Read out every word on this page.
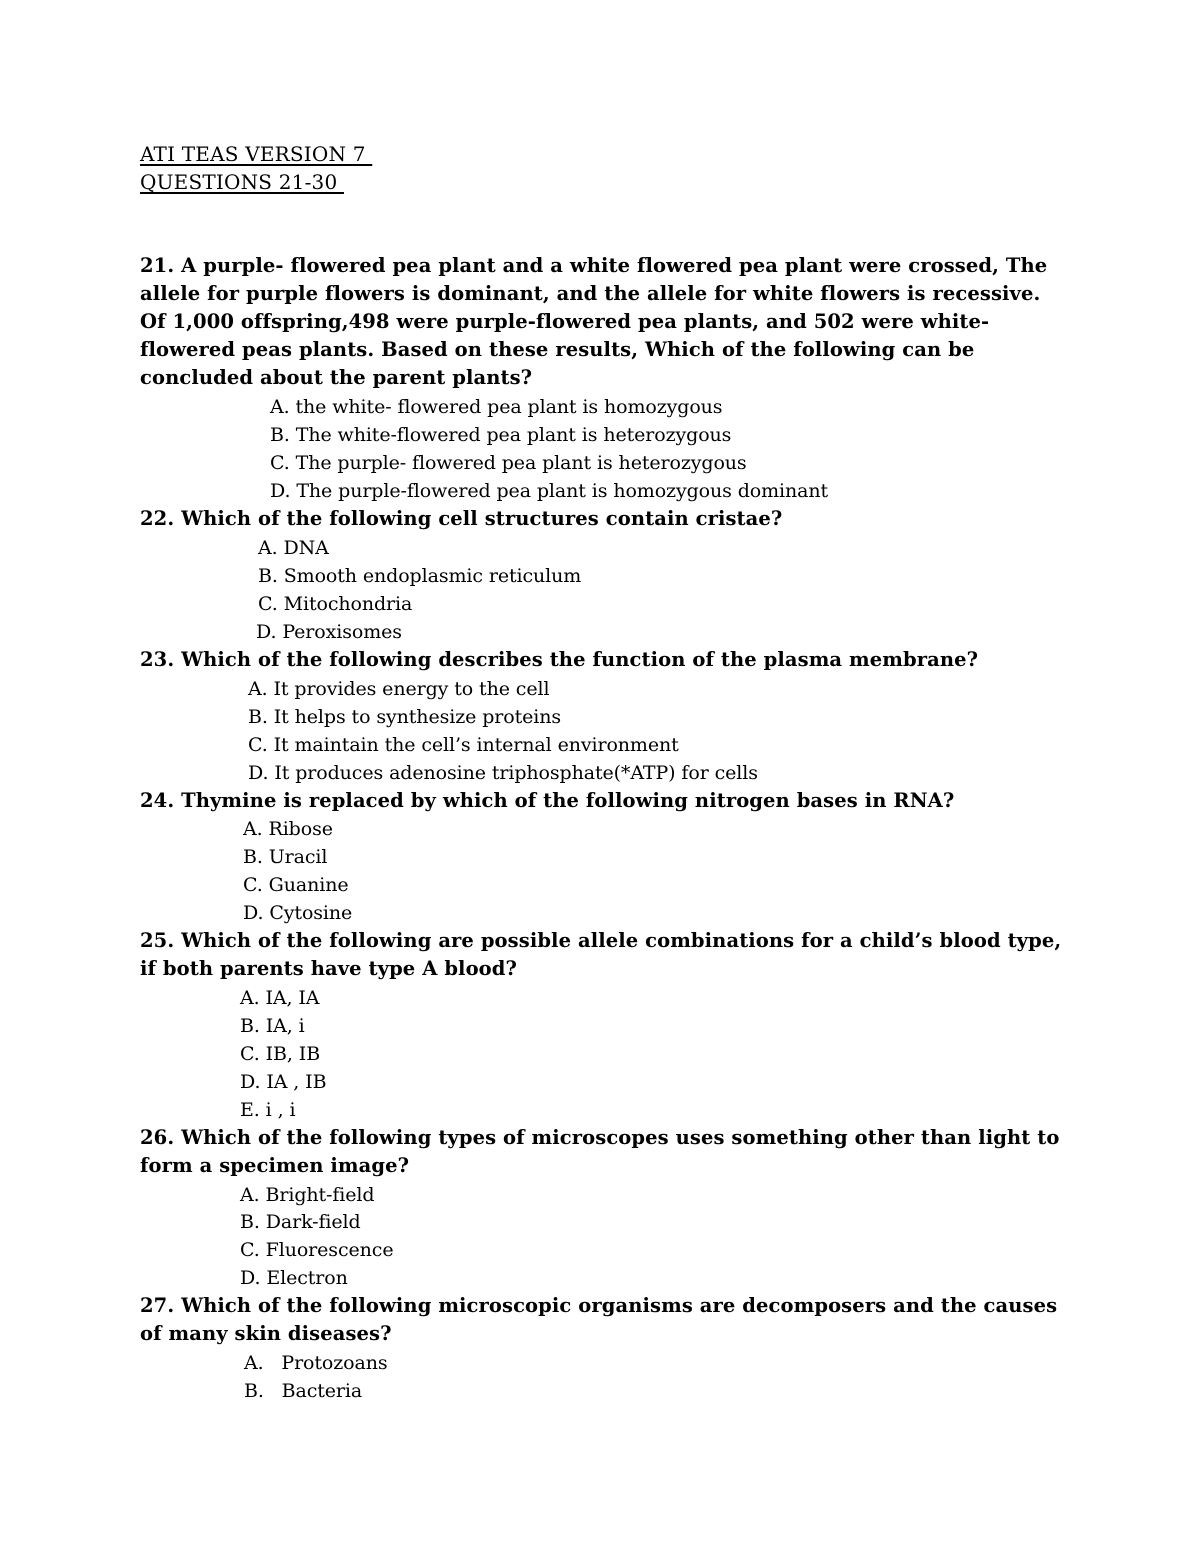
ATI TEAS VERSION 7
QUESTIONS 21-30
21. A purple- flowered pea plant and a white flowered pea plant were crossed, The allele for purple flowers is dominant, and the allele for white flowers is recessive. Of 1,000 offspring,498 were purple-flowered pea plants, and 502 were white-flowered peas plants. Based on these results, Which of the following can be concluded about the parent plants?
A. the white- flowered pea plant is homozygous
B. The white-flowered pea plant is heterozygous
C. The purple- flowered pea plant is heterozygous
D. The purple-flowered pea plant is homozygous dominant
22. Which of the following cell structures contain cristae?
A. DNA
B. Smooth endoplasmic reticulum
C. Mitochondria
D. Peroxisomes
23. Which of the following describes the function of the plasma membrane?
A. It provides energy to the cell
B. It helps to synthesize proteins
C. It maintain the cell’s internal environment
D. It produces adenosine triphosphate(*ATP) for cells
24. Thymine is replaced by which of the following nitrogen bases in RNA?
A. Ribose
B. Uracil
C. Guanine
D. Cytosine
25. Which of the following are possible allele combinations for a child’s blood type, if both parents have type A blood?
A. IA, IA
B. IA, i
C. IB, IB
D. IA , IB
E. i , i
26. Which of the following types of microscopes uses something other than light to form a specimen image?
A. Bright-field
B. Dark-field
C. Fluorescence
D. Electron
27. Which of the following microscopic organisms are decomposers and the causes of many skin diseases?
A.   Protozoans
B.   Bacteria
